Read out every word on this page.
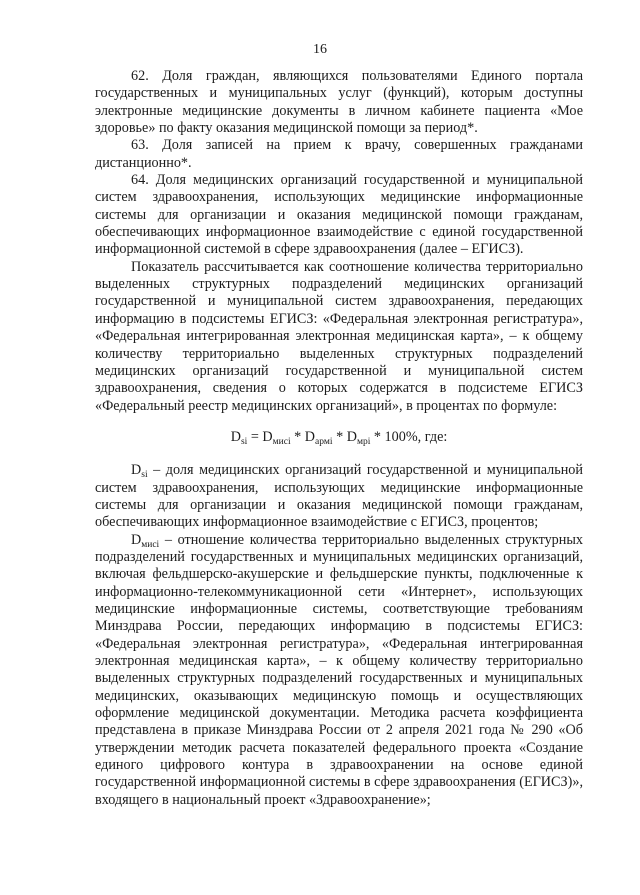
16

62. Доля граждан, являющихся пользователями Единого портала государственных и муниципальных услуг (функций), которым доступны электронные медицинские документы в личном кабинете пациента «Мое здоровье» по факту оказания медицинской помощи за период*.

63. Доля записей на прием к врачу, совершенных гражданами дистанционно*.

64. Доля медицинских организаций государственной и муниципальной систем здравоохранения, использующих медицинские информационные системы для организации и оказания медицинской помощи гражданам, обеспечивающих информационное взаимодействие с единой государственной информационной системой в сфере здравоохранения (далее – ЕГИСЗ).

Показатель рассчитывается как соотношение количества территориально выделенных структурных подразделений медицинских организаций государственной и муниципальной систем здравоохранения, передающих информацию в подсистемы ЕГИСЗ: «Федеральная электронная регистратура», «Федеральная интегрированная электронная медицинская карта», – к общему количеству территориально выделенных структурных подразделений медицинских организаций государственной и муниципальной систем здравоохранения, сведения о которых содержатся в подсистеме ЕГИСЗ «Федеральный реестр медицинских организаций», в процентах по формуле:

$D_{si} = D_{мисі} * D_{армі} * D_{мрі} * 100\%$, где:

$D_{si}$ – доля медицинских организаций государственной и муниципальной систем здравоохранения, использующих медицинские информационные системы для организации и оказания медицинской помощи гражданам, обеспечивающих информационное взаимодействие с ЕГИСЗ, процентов;

$D_{мисі}$ – отношение количества территориально выделенных структурных подразделений государственных и муниципальных медицинских организаций, включая фельдшерско-акушерские и фельдшерские пункты, подключенные к информационно-телекоммуникационной сети «Интернет», использующих медицинские информационные системы, соответствующие требованиям Минздрава России, передающих информацию в подсистемы ЕГИСЗ: «Федеральная электронная регистратура», «Федеральная интегрированная электронная медицинская карта», – к общему количеству территориально выделенных структурных подразделений государственных и муниципальных медицинских, оказывающих медицинскую помощь и осуществляющих оформление медицинской документации. Методика расчета коэффициента представлена в приказе Минздрава России от 2 апреля 2021 года № 290 «Об утверждении методик расчета показателей федерального проекта «Создание единого цифрового контура в здравоохранении на основе единой государственной информационной системы в сфере здравоохранения (ЕГИСЗ)», входящего в национальный проект «Здравоохранение»;
